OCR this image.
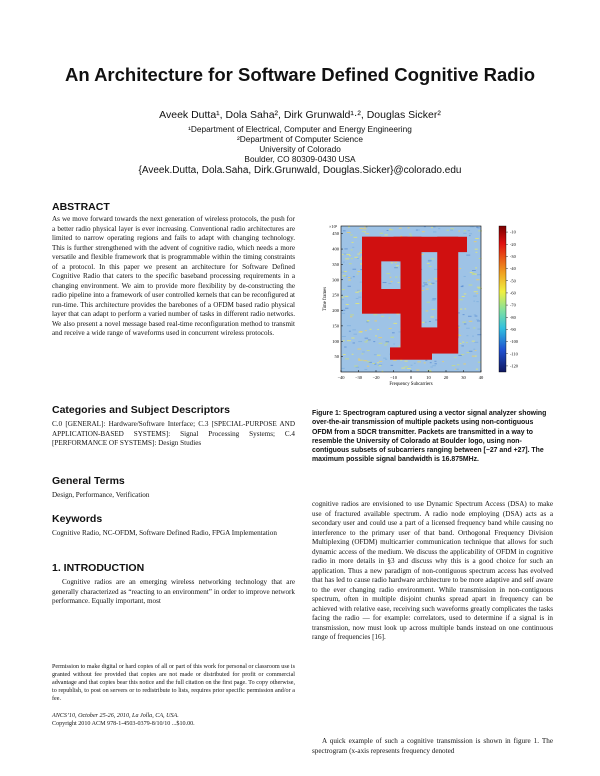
An Architecture for Software Defined Cognitive Radio
Aveek Dutta¹, Dola Saha², Dirk Grunwald¹·², Douglas Sicker²
¹Department of Electrical, Computer and Energy Engineering
²Department of Computer Science
University of Colorado
Boulder, CO 80309-0430 USA
{Aveek.Dutta, Dola.Saha, Dirk.Grunwald, Douglas.Sicker}@colorado.edu
ABSTRACT
As we move forward towards the next generation of wireless protocols, the push for a better radio physical layer is ever increasing. Conventional radio architectures are limited to narrow operating regions and fails to adapt with changing technology. This is further strengthened with the advent of cognitive radio, which needs a more versatile and flexible framework that is programmable within the timing constraints of a protocol. In this paper we present an architecture for Software Defined Cognitive Radio that caters to the specific baseband processing requirements in a changing environment. We aim to provide more flexibility by de-constructing the radio pipeline into a framework of user controlled kernels that can be reconfigured at run-time. This architecture provides the barebones of a OFDM based radio physical layer that can adapt to perform a varied number of tasks in different radio networks. We also present a novel message based real-time reconfiguration method to transmit and receive a wide range of waveforms used in concurrent wireless protocols.
Categories and Subject Descriptors
C.0 [GENERAL]: Hardware/Software Interface; C.3 [SPECIAL-PURPOSE AND APPLICATION-BASED SYSTEMS]: Signal Processing Systems; C.4 [PERFORMANCE OF SYSTEMS]: Design Studies
General Terms
Design, Performance, Verification
Keywords
Cognitive Radio, NC-OFDM, Software Defined Radio, FPGA Implementation
1. INTRODUCTION
Cognitive radios are an emerging wireless networking technology that are generally characterized as “reacting to an environment” in order to improve network performance. Equally important, most
Permission to make digital or hard copies of all or part of this work for personal or classroom use is granted without fee provided that copies are not made or distributed for profit or commercial advantage and that copies bear this notice and the full citation on the first page. To copy otherwise, to republish, to post on servers or to redistribute to lists, requires prior specific permission and/or a fee.
ANCS’10, October 25-26, 2010, La Jolla, CA, USA.
Copyright 2010 ACM 978-1-4503-0379-8/10/10 ...$10.00.
−40 −30 −20 −10	0	10	20	30	40
50
100
150
200
250
300
350
400
450
×10³
Frequency Subcarriers
Time frames
-10
-20
-30
-40
-50
-60
-70
-80
-90
-100
-110
-120
Figure 1: Spectrogram captured using a vector signal analyzer showing over-the-air transmission of multiple packets using non-contiguous OFDM from a SDCR transmitter. Packets are transmitted in a way to resemble the University of Colorado at Boulder logo, using non-contiguous subsets of subcarriers ranging between [−27 and +27]. The maximum possible signal bandwidth is 16.875MHz.
cognitive radios are envisioned to use Dynamic Spectrum Access (DSA) to make use of fractured available spectrum. A radio node employing (DSA) acts as a secondary user and could use a part of a licensed frequency band while causing no interference to the primary user of that band. Orthogonal Frequency Division Multiplexing (OFDM) multicarrier communication technique that allows for such dynamic access of the medium. We discuss the applicability of OFDM in cognitive radio in more details in §3 and discuss why this is a good choice for such an application. Thus a new paradigm of non-contiguous spectrum access has evolved that has led to cause radio hardware architecture to be more adaptive and self aware to the ever changing radio environment. While transmission in non-contiguous spectrum, often in multiple disjoint chunks spread apart in frequency can be achieved with relative ease, receiving such waveforms greatly complicates the tasks facing the radio — for example: correlators, used to determine if a signal is in transmission, now must look up across multiple bands instead on one continuous range of frequencies [16].
A quick example of such a cognitive transmission is shown in figure 1. The spectrogram (x-axis represents frequency denoted
